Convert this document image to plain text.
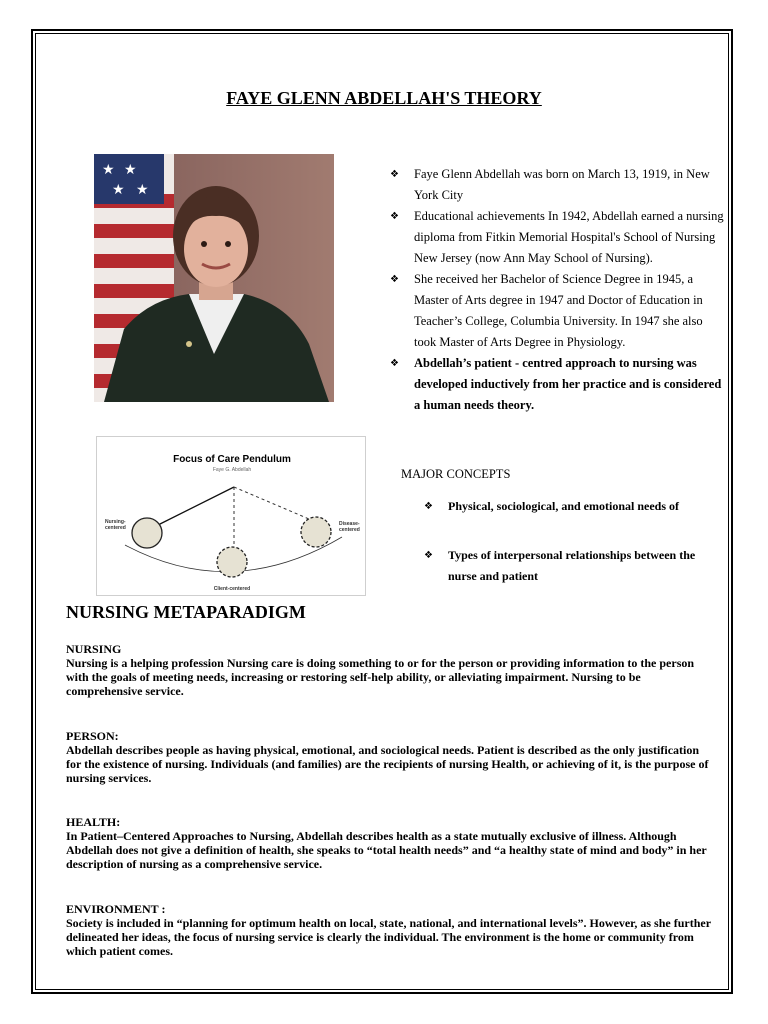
FAYE GLENN ABDELLAH'S THEORY
★ ★
★ ★
❖ Faye Glenn Abdellah was born on March 13, 1919, in New York City
❖ Educational achievements In 1942, Abdellah earned a nursing diploma from Fitkin Memorial Hospital's School of Nursing New Jersey (now Ann May School of Nursing).
❖ She received her Bachelor of Science Degree in 1945, a Master of Arts degree in 1947 and Doctor of Education in Teacher’s College, Columbia University. In 1947 she also took Master of Arts Degree in Physiology.
❖ Abdellah’s patient - centred approach to nursing was developed inductively from her practice and is considered a human needs theory.
MAJOR CONCEPTS
❖ Physical, sociological, and emotional needs of
❖ Types of interpersonal relationships between the nurse and patient
Focus of Care Pendulum
Faye G. Abdellah
Nursing-
centered
Disease-
centered
Client-centered
NURSING METAPARADIGM
NURSING
Nursing is a helping profession Nursing care is doing something to or for the person or providing information to the person with the goals of meeting needs, increasing or restoring self-help ability, or alleviating impairment. Nursing to be comprehensive service.
PERSON:
Abdellah describes people as having physical, emotional, and sociological needs. Patient is described as the only justification for the existence of nursing. Individuals (and families) are the recipients of nursing Health, or achieving of it, is the purpose of nursing services.
HEALTH:
In Patient–Centered Approaches to Nursing, Abdellah describes health as a state mutually exclusive of illness. Although Abdellah does not give a definition of health, she speaks to “total health needs” and “a healthy state of mind and body” in her description of nursing as a comprehensive service.
ENVIRONMENT :
Society is included in “planning for optimum health on local, state, national, and international levels”. However, as she further delineated her ideas, the focus of nursing service is clearly the individual. The environment is the home or community from which patient comes.
